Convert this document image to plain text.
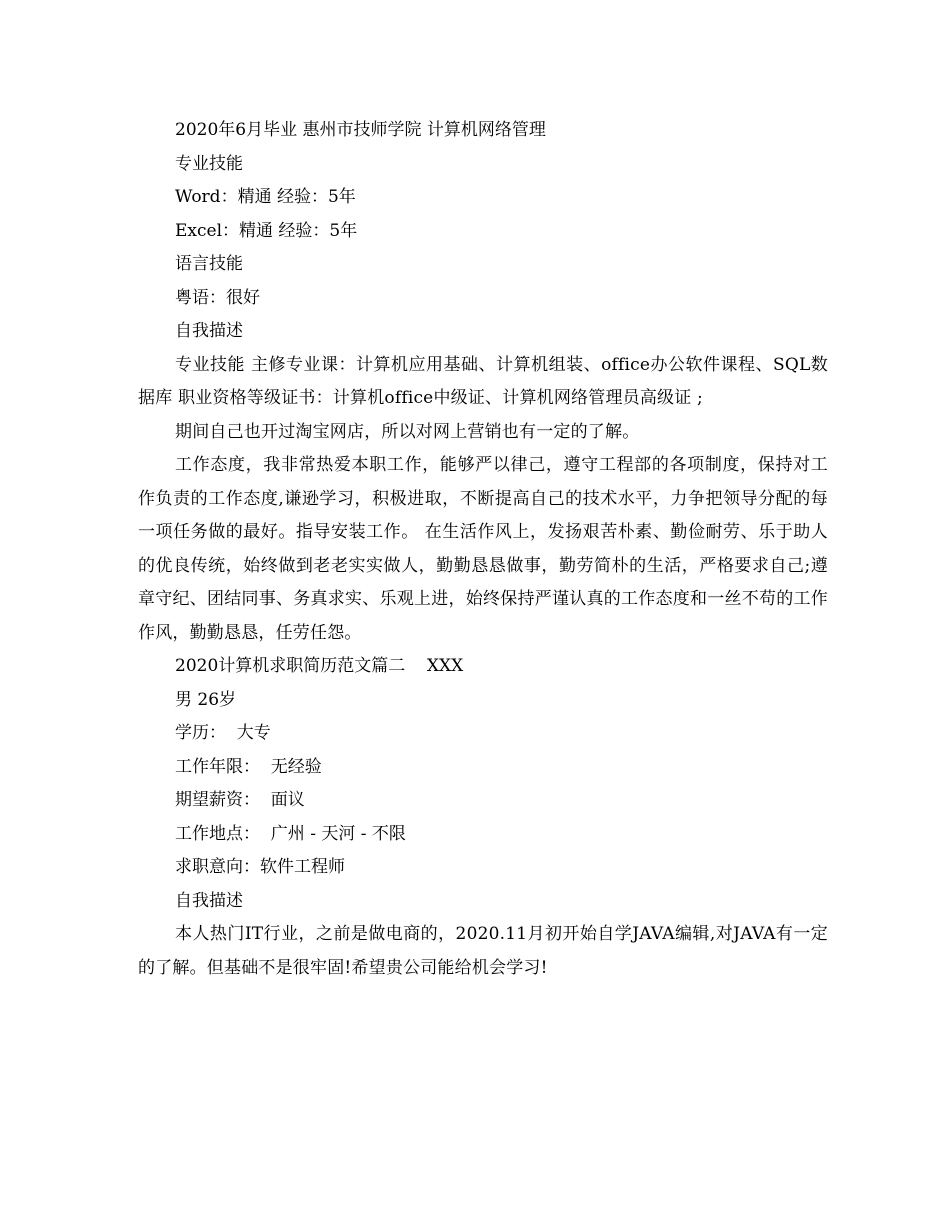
2020年6月毕业 惠州市技师学院 计算机网络管理
专业技能
Word：精通 经验：5年
Excel：精通 经验：5年
语言技能
粤语：很好
自我描述
专业技能 主修专业课：计算机应用基础、计算机组装、office办公软件课程、SQL数据库 职业资格等级证书：计算机office中级证、计算机网络管理员高级证 ;
期间自己也开过淘宝网店，所以对网上营销也有一定的了解。
工作态度，我非常热爱本职工作，能够严以律己，遵守工程部的各项制度，保持对工作负责的工作态度,谦逊学习，积极进取，不断提高自己的技术水平，力争把领导分配的每一项任务做的最好。指导安装工作。 在生活作风上，发扬艰苦朴素、勤俭耐劳、乐于助人的优良传统，始终做到老老实实做人，勤勤恳恳做事，勤劳简朴的生活，严格要求自己;遵章守纪、团结同事、务真求实、乐观上进，始终保持严谨认真的工作态度和一丝不苟的工作作风，勤勤恳恳，任劳任怨。
2020计算机求职简历范文篇二    XXX
男 26岁
学历：  大专
工作年限：  无经验
期望薪资：  面议
工作地点：  广州 - 天河 - 不限
求职意向：软件工程师
自我描述
本人热门IT行业，之前是做电商的，2020.11月初开始自学JAVA编辑,对JAVA有一定的了解。但基础不是很牢固!希望贵公司能给机会学习!
